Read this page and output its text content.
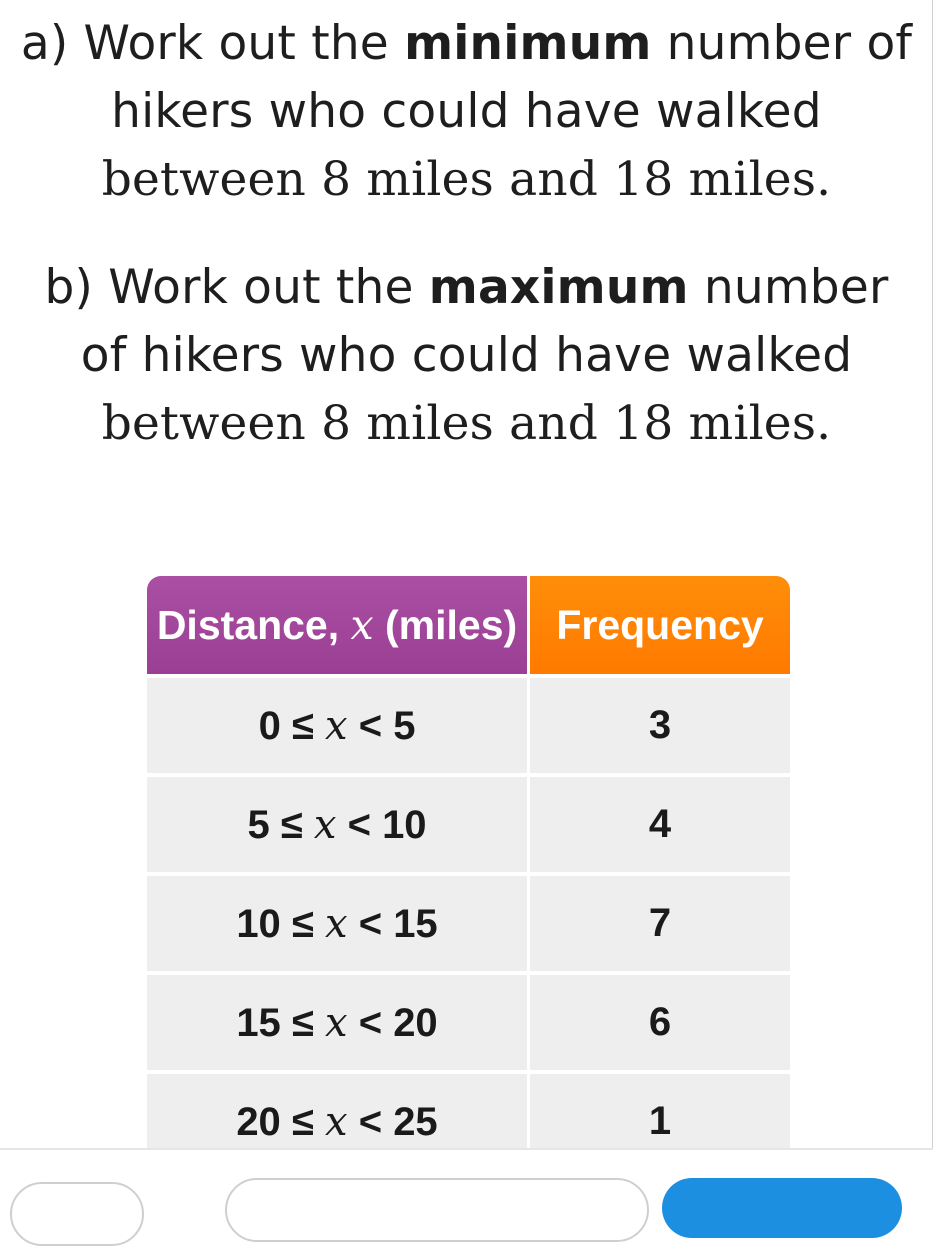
a) Work out the minimum number of
hikers who could have walked
between 8 miles and 18 miles.
b) Work out the maximum number
of hikers who could have walked
between 8 miles and 18 miles.
Distance, x (miles)	Frequency
0 ≤ x < 5	3
5 ≤ x < 10	4
10 ≤ x < 15	7
15 ≤ x < 20	6
20 ≤ x < 25	1
